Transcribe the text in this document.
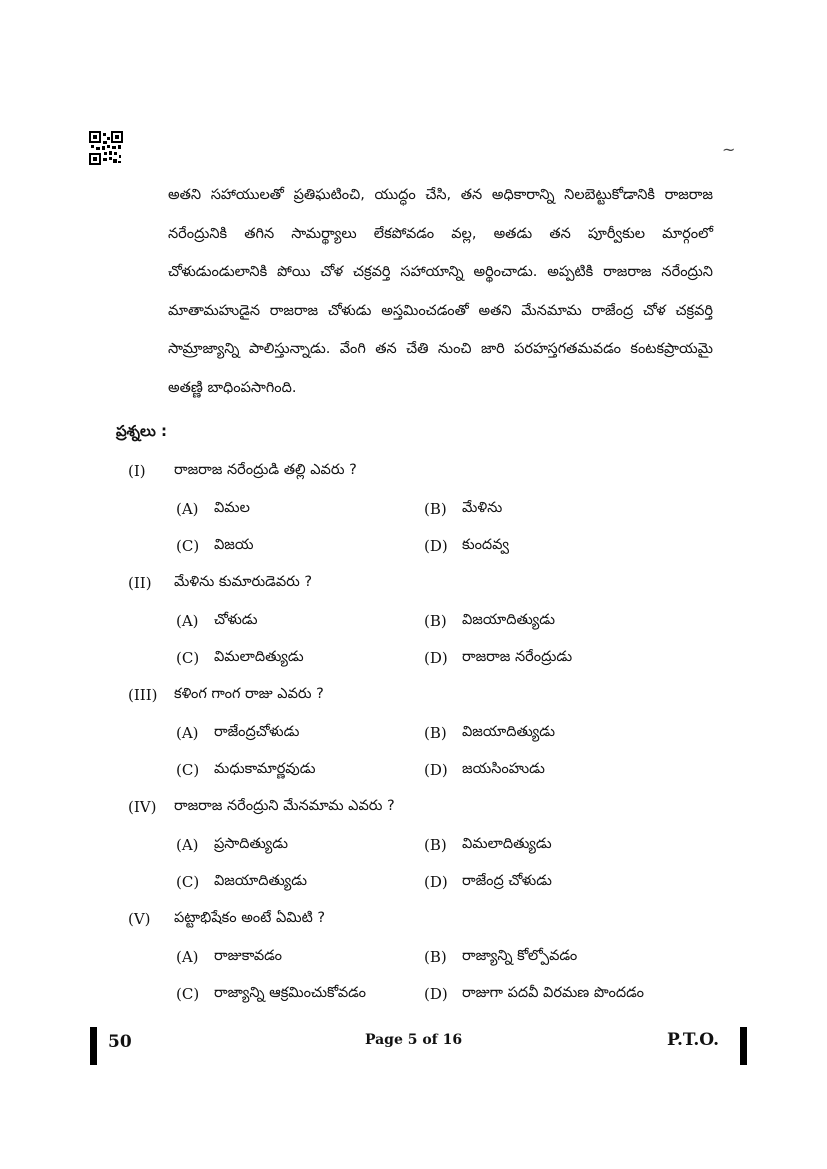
~
అతని సహాయులతో ప్రతిఘటించి, యుద్ధం చేసి, తన అధికారాన్ని నిలబెట్టుకోడానికి రాజరాజ నరేంద్రునికి తగిన సామర్థ్యాలు లేకపోవడం వల్ల, అతడు తన పూర్వీకుల మార్గంలో చోళుడుండులానికి పోయి చోళ చక్రవర్తి సహాయాన్ని అర్థించాడు. అప్పటికి రాజరాజ నరేంద్రుని మాతామహుడైన రాజరాజ చోళుడు అస్తమించడంతో అతని మేనమామ రాజేంద్ర చోళ చక్రవర్తి సామ్రాజ్యాన్ని పాలిస్తున్నాడు. వేంగి తన చేతి నుంచి జారి పరహస్తగతమవడం కంటకప్రాయమై అతణ్ణి బాధింపసాగింది.
ప్రశ్నలు :
(I) రాజరాజ నరేంద్రుడి తల్లి ఎవరు ?
(A) విమల	(B) మేళిను
(C) విజయ	(D) కుందవ్వ
(II) మేళిను కుమారుడెవరు ?
(A) చోళుడు	(B) విజయాదిత్యుడు
(C) విమలాదిత్యుడు	(D) రాజరాజ నరేంద్రుడు
(III) కళింగ గాంగ రాజు ఎవరు ?
(A) రాజేంద్రచోళుడు	(B) విజయాదిత్యుడు
(C) మధుకామార్ణవుడు	(D) జయసింహుడు
(IV) రాజరాజ నరేంద్రుని మేనమామ ఎవరు ?
(A) ప్రసాదిత్యుడు	(B) విమలాదిత్యుడు
(C) విజయాదిత్యుడు	(D) రాజేంద్ర చోళుడు
(V) పట్టాభిషేకం అంటే ఏమిటి ?
(A) రాజుకావడం	(B) రాజ్యాన్ని కోల్పోవడం
(C) రాజ్యాన్ని ఆక్రమించుకోవడం	(D) రాజుగా పదవీ విరమణ పొందడం
50	Page 5 of 16	P.T.O.
